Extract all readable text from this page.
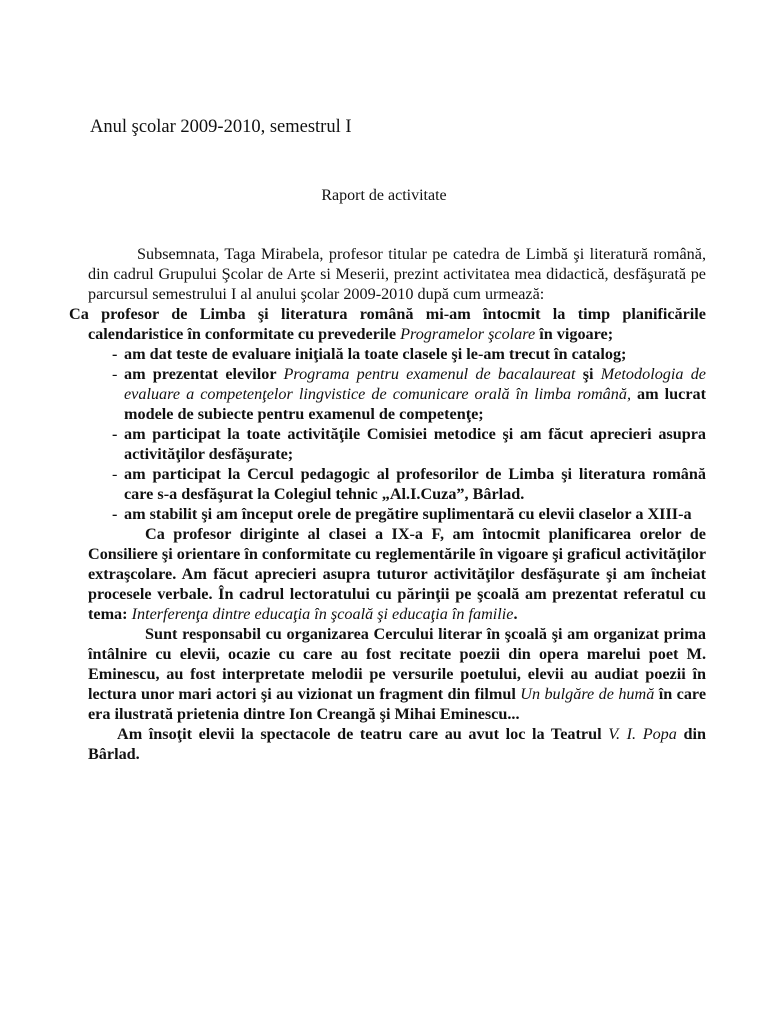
Anul şcolar 2009-2010, semestrul I
Raport de activitate

Subsemnata, Taga Mirabela, profesor titular pe catedra de Limbă şi literatură română, din cadrul Grupului Şcolar de Arte si Meserii, prezint activitatea mea didactică, desfăşurată pe parcursul semestrului I al anului şcolar 2009-2010 după cum urmează:

Ca profesor de Limba şi literatura română mi-am întocmit la timp planificările calendaristice în conformitate cu prevederile Programelor şcolare în vigoare;

- am dat teste de evaluare iniţială la toate clasele şi le-am trecut în catalog;
- am prezentat elevilor Programa pentru examenul de bacalaureat şi Metodologia de evaluare a competenţelor lingvistice de comunicare orală în limba română, am lucrat modele de subiecte pentru examenul de competenţe;
- am participat la toate activităţile Comisiei metodice şi am făcut aprecieri asupra activităţilor desfăşurate;
- am participat la Cercul pedagogic al profesorilor de Limba şi literatura română care s-a desfăşurat la Colegiul tehnic „Al.I.Cuza”, Bârlad.
- am stabilit şi am început orele de pregătire suplimentară cu elevii claselor a XIII-a

Ca profesor diriginte al clasei a IX-a F, am întocmit planificarea orelor de Consiliere şi orientare în conformitate cu reglementările în vigoare şi graficul activităţilor extraşcolare. Am făcut aprecieri asupra tuturor activităţilor desfăşurate şi am încheiat procesele verbale. În cadrul lectoratului cu părinţii pe şcoală am prezentat referatul cu tema: Interferenţa dintre educaţia în şcoală şi educaţia în familie.

Sunt responsabil cu organizarea Cercului literar în şcoală şi am organizat prima întâlnire cu elevii, ocazie cu care au fost recitate poezii din opera marelui poet M. Eminescu, au fost interpretate melodii pe versurile poetului, elevii au audiat poezii în lectura unor mari actori şi au vizionat un fragment din filmul Un bulgăre de humă în care era ilustrată prietenia dintre Ion Creangă şi Mihai Eminescu...

Am însoţit elevii la spectacole de teatru care au avut loc la Teatrul V. I. Popa din Bârlad.
